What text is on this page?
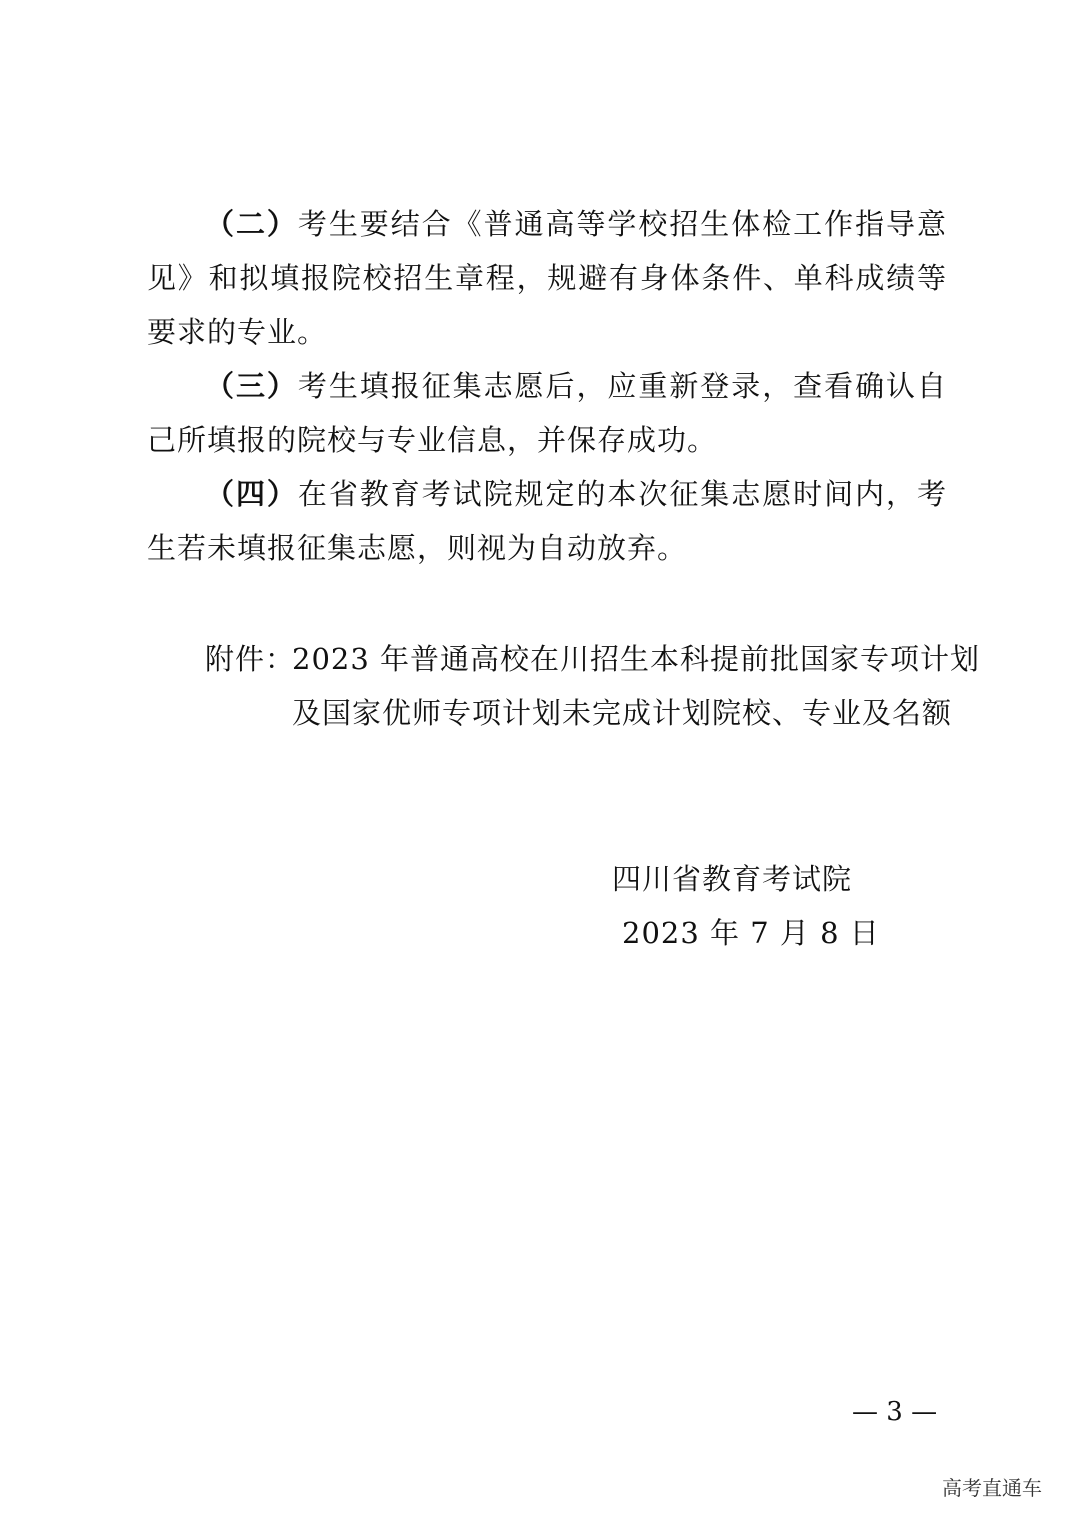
（二）考生要结合《普通高等学校招生体检工作指导意见》和拟填报院校招生章程，规避有身体条件、单科成绩等要求的专业。

（三）考生填报征集志愿后，应重新登录，查看确认自己所填报的院校与专业信息，并保存成功。

（四）在省教育考试院规定的本次征集志愿时间内，考生若未填报征集志愿，则视为自动放弃。

附件：
2023 年普通高校在川招生本科提前批国家专项计划
及国家优师专项计划未完成计划院校、专业及名额
四川省教育考试院
2023 年 7 月 8 日
— 3 —
高考直通车
